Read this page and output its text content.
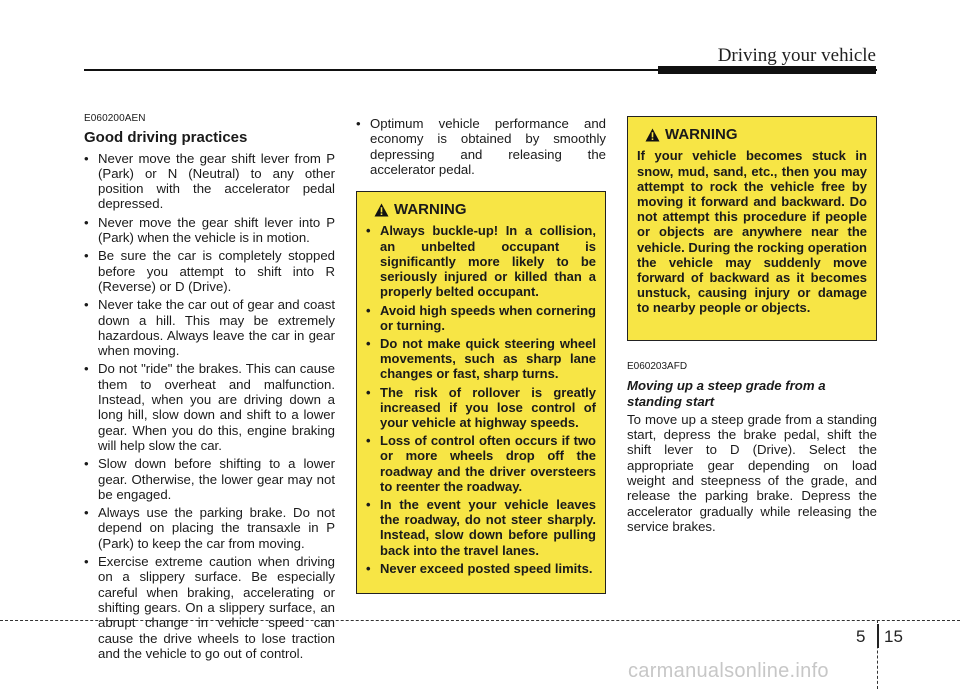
Driving your vehicle
E060200AEN
Good driving practices
• Never move the gear shift lever from P (Park) or N (Neutral) to any other position with the accelerator pedal depressed.
• Never move the gear shift lever into P (Park) when the vehicle is in motion.
• Be sure the car is completely stopped before you attempt to shift into R (Reverse) or D (Drive).
• Never take the car out of gear and coast down a hill. This may be extremely hazardous. Always leave the car in gear when moving.
• Do not "ride" the brakes. This can cause them to overheat and malfunction. Instead, when you are driving down a long hill, slow down and shift to a lower gear. When you do this, engine braking will help slow the car.
• Slow down before shifting to a lower gear. Otherwise, the lower gear may not be engaged.
• Always use the parking brake. Do not depend on placing the transaxle in P (Park) to keep the car from moving.
• Exercise extreme caution when driving on a slippery surface. Be especially careful when braking, accelerating or shifting gears. On a slippery surface, an abrupt change in vehicle speed can cause the drive wheels to lose traction and the vehicle to go out of control.
• Optimum vehicle performance and economy is obtained by smoothly depressing and releasing the accelerator pedal.
WARNING
• Always buckle-up! In a collision, an unbelted occupant is significantly more likely to be seriously injured or killed than a properly belted occupant.
• Avoid high speeds when cornering or turning.
• Do not make quick steering wheel movements, such as sharp lane changes or fast, sharp turns.
• The risk of rollover is greatly increased if you lose control of your vehicle at highway speeds.
• Loss of control often occurs if two or more wheels drop off the roadway and the driver oversteers to reenter the roadway.
• In the event your vehicle leaves the roadway, do not steer sharply. Instead, slow down before pulling back into the travel lanes.
• Never exceed posted speed limits.
WARNING
If your vehicle becomes stuck in snow, mud, sand, etc., then you may attempt to rock the vehicle free by moving it forward and backward. Do not attempt this procedure if people or objects are anywhere near the vehicle. During the rocking operation the vehicle may suddenly move forward of backward as it becomes unstuck, causing injury or damage to nearby people or objects.
E060203AFD
Moving up a steep grade from a standing start

To move up a steep grade from a standing start, depress the brake pedal, shift the shift lever to D (Drive). Select the appropriate gear depending on load weight and steepness of the grade, and release the parking brake. Depress the accelerator gradually while releasing the service brakes.

5 15
carmanualsonline.info
